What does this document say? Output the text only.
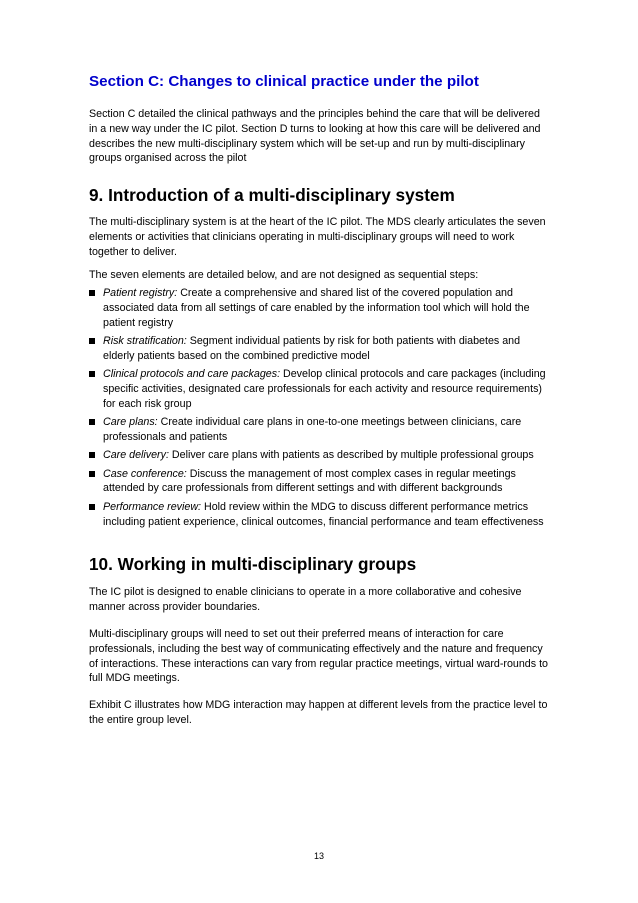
Section C: Changes to clinical practice under the pilot

Section C detailed the clinical pathways and the principles behind the care that will be delivered in a new way under the IC pilot. Section D turns to looking at how this care will be delivered and describes the new multi-disciplinary system which will be set-up and run by multi-disciplinary groups organised across the pilot

9. Introduction of a multi-disciplinary system

The multi-disciplinary system is at the heart of the IC pilot. The MDS clearly articulates the seven elements or activities that clinicians operating in multi-disciplinary groups will need to work together to deliver.

The seven elements are detailed below, and are not designed as sequential steps:

Patient registry: Create a comprehensive and shared list of the covered population and associated data from all settings of care enabled by the information tool which will hold the patient registry
Risk stratification: Segment individual patients by risk for both patients with diabetes and elderly patients based on the combined predictive model
Clinical protocols and care packages: Develop clinical protocols and care packages (including specific activities, designated care professionals for each activity and resource requirements) for each risk group
Care plans: Create individual care plans in one-to-one meetings between clinicians, care professionals and patients
Care delivery: Deliver care plans with patients as described by multiple professional groups
Case conference: Discuss the management of most complex cases in regular meetings attended by care professionals from different settings and with different backgrounds
Performance review: Hold review within the MDG to discuss different performance metrics including patient experience, clinical outcomes, financial performance and team effectiveness
10. Working in multi-disciplinary groups

The IC pilot is designed to enable clinicians to operate in a more collaborative and cohesive manner across provider boundaries.

Multi-disciplinary groups will need to set out their preferred means of interaction for care professionals, including the best way of communicating effectively and the nature and frequency of interactions. These interactions can vary from regular practice meetings, virtual ward-rounds to full MDG meetings.

Exhibit C illustrates how MDG interaction may happen at different levels from the practice level to the entire group level.

13
